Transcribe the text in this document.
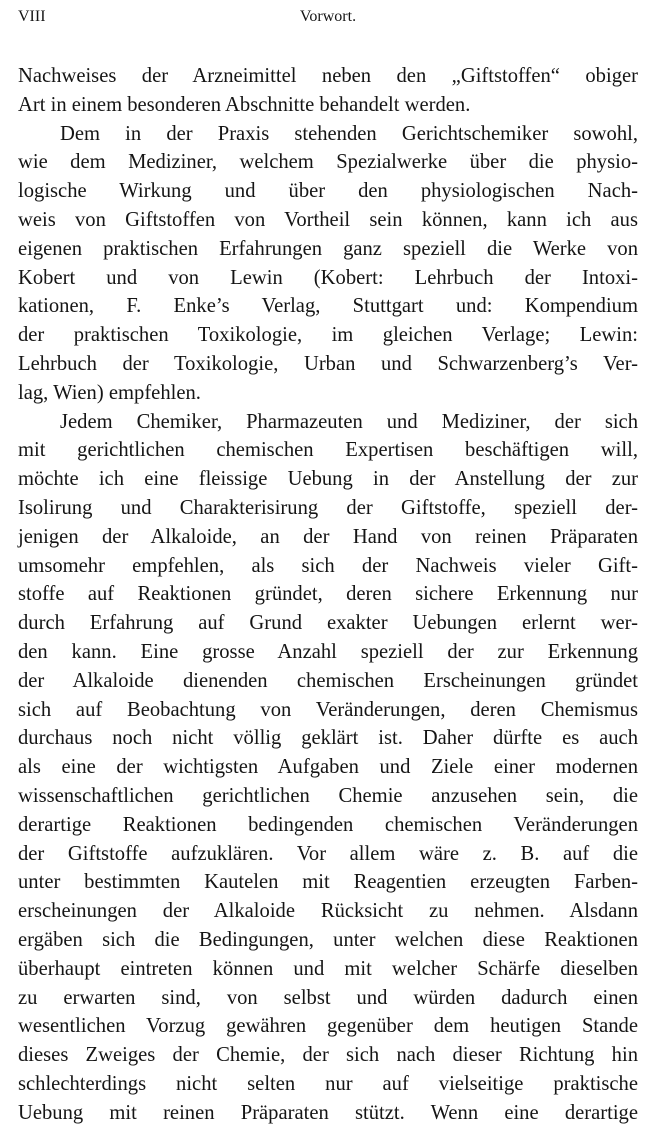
VIII	Vorwort.
Nachweises der Arzneimittel neben den „Giftstoffen“ obiger
Art in einem besonderen Abschnitte behandelt werden.
Dem in der Praxis stehenden Gerichtschemiker sowohl,
wie dem Mediziner, welchem Spezialwerke über die physio-
logische Wirkung und über den physiologischen Nach-
weis von Giftstoffen von Vortheil sein können, kann ich aus
eigenen praktischen Erfahrungen ganz speziell die Werke von
Kobert und von Lewin (Kobert: Lehrbuch der Intoxi-
kationen, F. Enke’s Verlag, Stuttgart und: Kompendium
der praktischen Toxikologie, im gleichen Verlage; Lewin:
Lehrbuch der Toxikologie, Urban und Schwarzenberg’s Ver-
lag, Wien) empfehlen.
Jedem Chemiker, Pharmazeuten und Mediziner, der sich
mit gerichtlichen chemischen Expertisen beschäftigen will,
möchte ich eine fleissige Uebung in der Anstellung der zur
Isolirung und Charakterisirung der Giftstoffe, speziell der-
jenigen der Alkaloide, an der Hand von reinen Präparaten
umsomehr empfehlen, als sich der Nachweis vieler Gift-
stoffe auf Reaktionen gründet, deren sichere Erkennung nur
durch Erfahrung auf Grund exakter Uebungen erlernt wer-
den kann. Eine grosse Anzahl speziell der zur Erkennung
der Alkaloide dienenden chemischen Erscheinungen gründet
sich auf Beobachtung von Veränderungen, deren Chemismus
durchaus noch nicht völlig geklärt ist. Daher dürfte es auch
als eine der wichtigsten Aufgaben und Ziele einer modernen
wissenschaftlichen gerichtlichen Chemie anzusehen sein, die
derartige Reaktionen bedingenden chemischen Veränderungen
der Giftstoffe aufzuklären. Vor allem wäre z. B. auf die
unter bestimmten Kautelen mit Reagentien erzeugten Farben-
erscheinungen der Alkaloide Rücksicht zu nehmen. Alsdann
ergäben sich die Bedingungen, unter welchen diese Reaktionen
überhaupt eintreten können und mit welcher Schärfe dieselben
zu erwarten sind, von selbst und würden dadurch einen
wesentlichen Vorzug gewähren gegenüber dem heutigen Stande
dieses Zweiges der Chemie, der sich nach dieser Richtung hin
schlechterdings nicht selten nur auf vielseitige praktische
Uebung mit reinen Präparaten stützt. Wenn eine derartige
